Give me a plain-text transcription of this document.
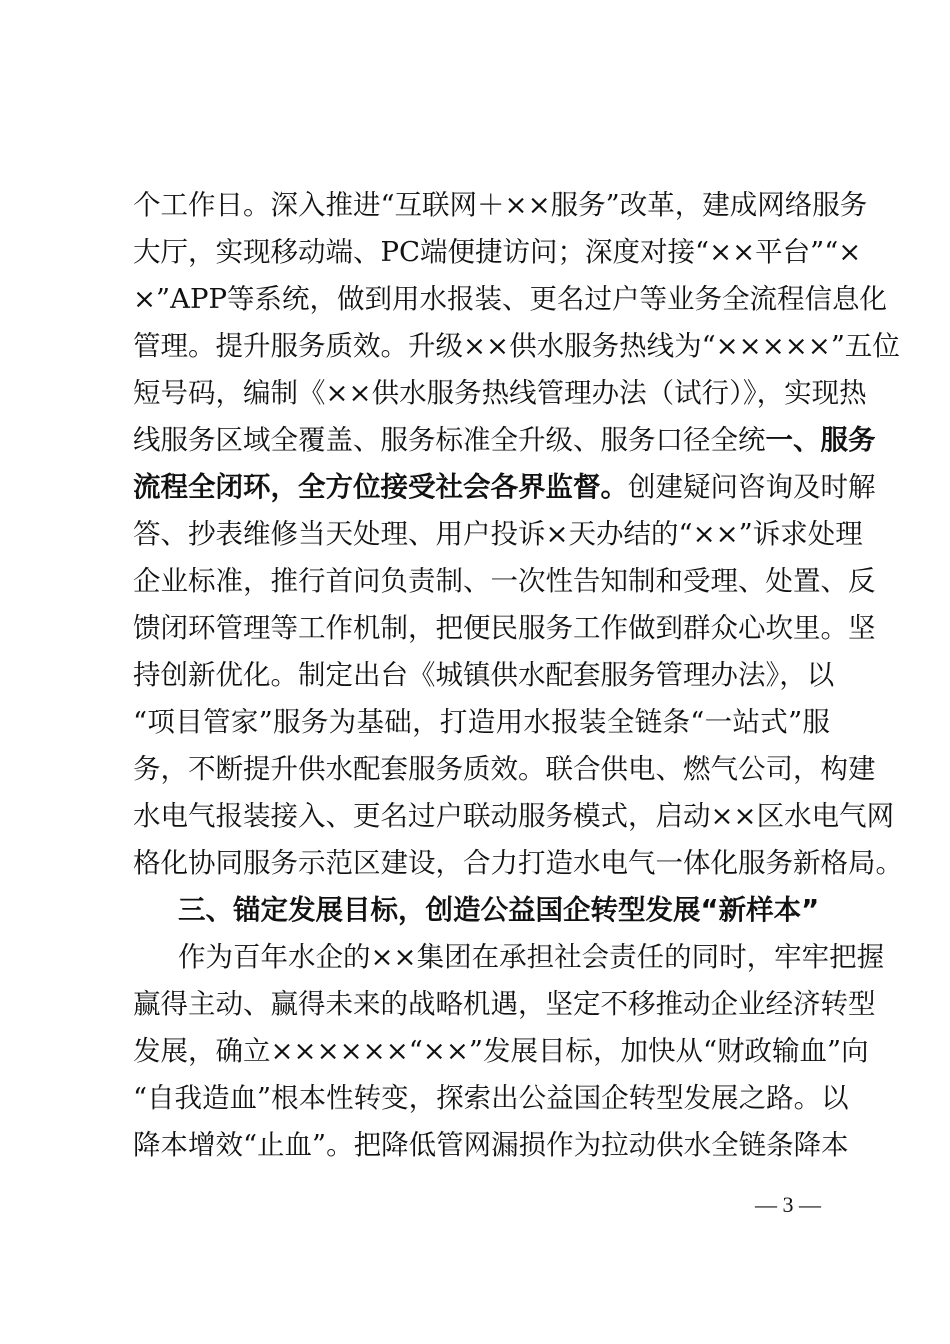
个工作日。深入推进“互联网＋××服务”改革，建成网络服务
大厅，实现移动端、PC端便捷访问；深度对接“××平台”“×
×”APP等系统，做到用水报装、更名过户等业务全流程信息化
管理。提升服务质效。升级××供水服务热线为“×××××”五位
短号码，编制《××供水服务热线管理办法（试行）》，实现热
线服务区域全覆盖、服务标准全升级、服务口径全统一、服务
流程全闭环，全方位接受社会各界监督。创建疑问咨询及时解
答、抄表维修当天处理、用户投诉×天办结的“××”诉求处理
企业标准，推行首问负责制、一次性告知制和受理、处置、反
馈闭环管理等工作机制，把便民服务工作做到群众心坎里。坚
持创新优化。制定出台《城镇供水配套服务管理办法》，以
“项目管家”服务为基础，打造用水报装全链条“一站式”服
务，不断提升供水配套服务质效。联合供电、燃气公司，构建
水电气报装接入、更名过户联动服务模式，启动××区水电气网
格化协同服务示范区建设，合力打造水电气一体化服务新格局。
三、锚定发展目标，创造公益国企转型发展“新样本”
作为百年水企的××集团在承担社会责任的同时，牢牢把握
赢得主动、赢得未来的战略机遇，坚定不移推动企业经济转型
发展，确立××××××“××”发展目标，加快从“财政输血”向
“自我造血”根本性转变，探索出公益国企转型发展之路。以
降本增效“止血”。把降低管网漏损作为拉动供水全链条降本
— 3 —
